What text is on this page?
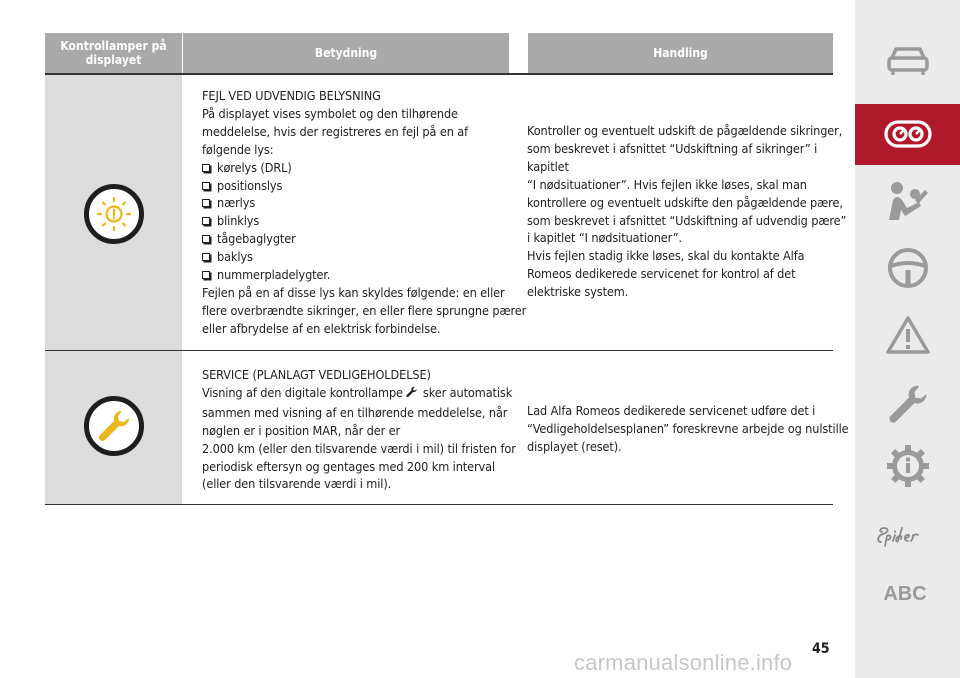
Kontrollamper på
displayet	Betydning	Handling

FEJL VED UDVENDIG BELYSNING

På displayet vises symbolet og den tilhørende

meddelelse, hvis der registreres en fejl på en af

følgende lys:

kørelys (DRL)

positionslys

nærlys

blinklys

tågebaglygter

baklys

nummerpladelygter.

Fejlen på en af disse lys kan skyldes følgende: en eller

flere overbrændte sikringer, en eller flere sprungne pærer

eller afbrydelse af en elektrisk forbindelse.

Kontroller og eventuelt udskift de pågældende sikringer,

som beskrevet i afsnittet “Udskiftning af sikringer” i

kapitlet

“I nødsituationer”. Hvis fejlen ikke løses, skal man

kontrollere og eventuelt udskifte den pågældende pære,

som beskrevet i afsnittet “Udskiftning af udvendig pære”

i kapitlet “I nødsituationer”.

Hvis fejlen stadig ikke løses, skal du kontakte Alfa

Romeos dedikerede servicenet for kontrol af det

elektriske system.

SERVICE (PLANLAGT VEDLIGEHOLDELSE)

Visning af den digitale kontrollampe sker automatisk

sammen med visning af en tilhørende meddelelse, når

nøglen er i position MAR, når der er

2.000 km (eller den tilsvarende værdi i mil) til fristen for

periodisk eftersyn og gentages med 200 km interval

(eller den tilsvarende værdi i mil).

Lad Alfa Romeos dedikerede servicenet udføre det i

“Vedligeholdelsesplanen” foreskrevne arbejde og nulstille

displayet (reset).

ABC
45
carmanualsonline.info
